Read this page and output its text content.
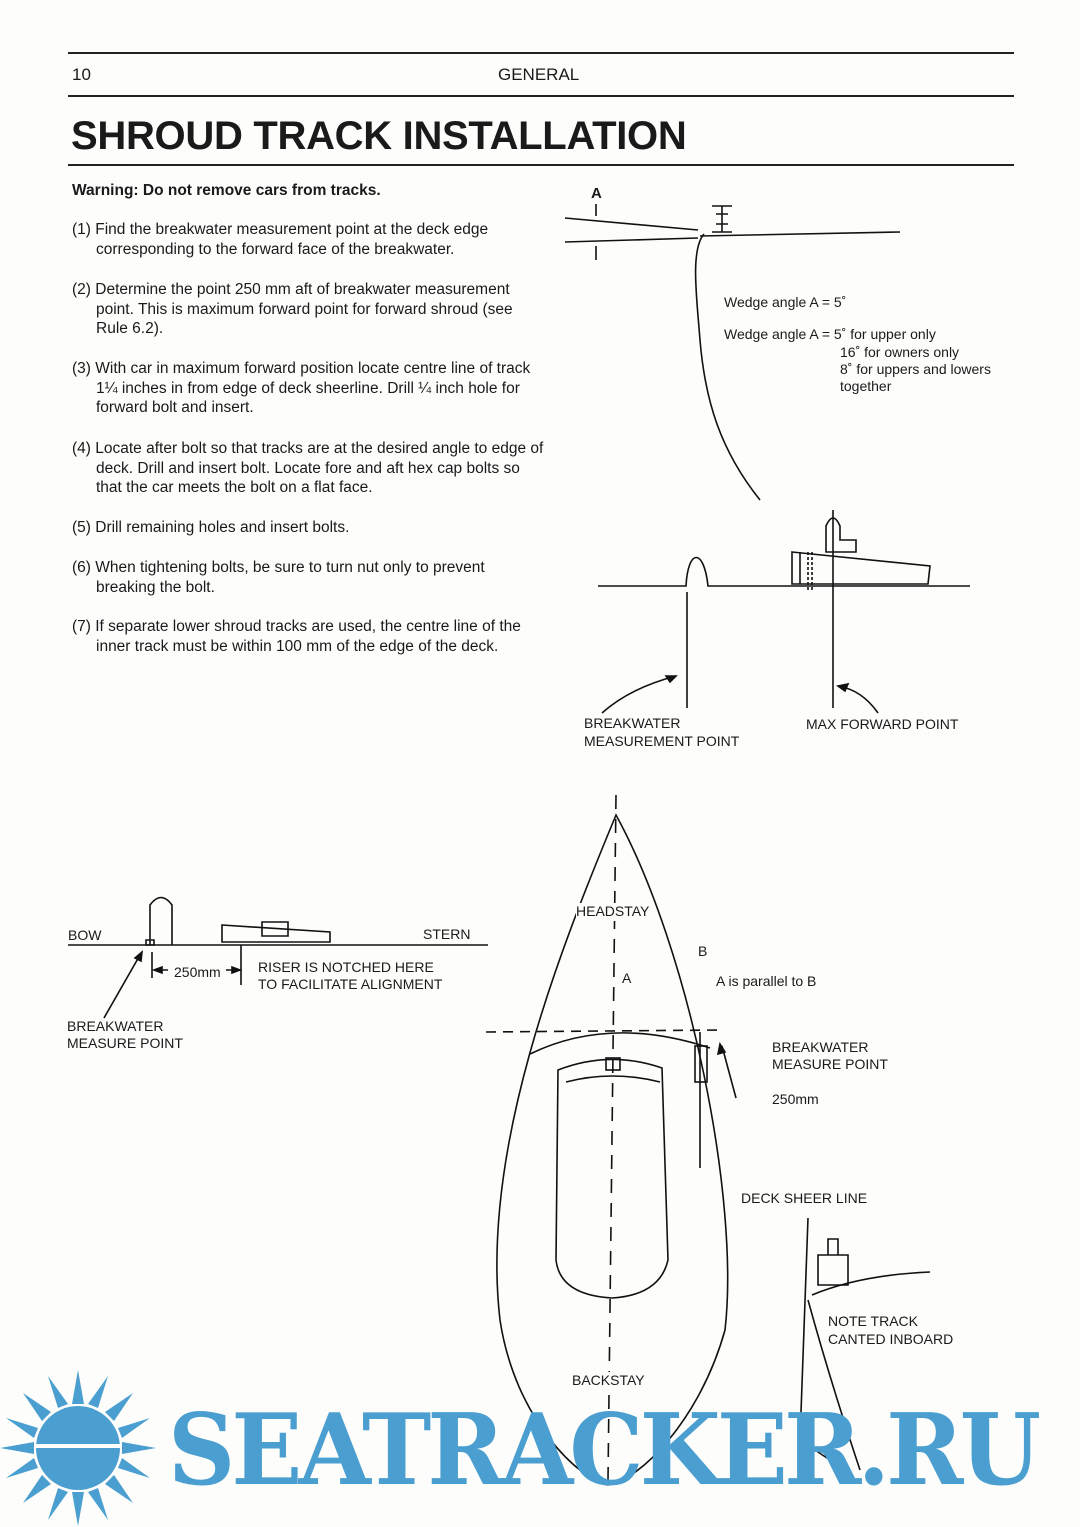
10	GENERAL
SHROUD TRACK INSTALLATION
Warning: Do not remove cars from tracks.
(1) Find the breakwater measurement point at the deck edge corresponding to the forward face of the breakwater.
(2) Determine the point 250 mm aft of breakwater measurement point. This is maximum forward point for forward shroud (see Rule 6.2).
(3) With car in maximum forward position locate centre line of track 1¼ inches in from edge of deck sheerline. Drill ¼ inch hole for forward bolt and insert.
(4) Locate after bolt so that tracks are at the desired angle to edge of deck. Drill and insert bolt. Locate fore and aft hex cap bolts so that the car meets the bolt on a flat face.
(5) Drill remaining holes and insert bolts.
(6) When tightening bolts, be sure to turn nut only to prevent breaking the bolt.
(7) If separate lower shroud tracks are used, the centre line of the inner track must be within 100 mm of the edge of the deck.
A
Wedge angle A = 5˚
Wedge angle A = 5˚ for upper only
16˚ for owners only
8˚ for uppers and lowers
together
BREAKWATER
MEASUREMENT POINT
MAX FORWARD POINT
BOW	STERN
250mm	RISER IS NOTCHED HERE
TO FACILITATE ALIGNMENT
BREAKWATER
MEASURE POINT
HEADSTAY
A
B
A is parallel to B
BREAKWATER
MEASURE POINT
250mm
DECK SHEER LINE
NOTE TRACK
CANTED INBOARD
BACKSTAY
SEATRACKER.RU
